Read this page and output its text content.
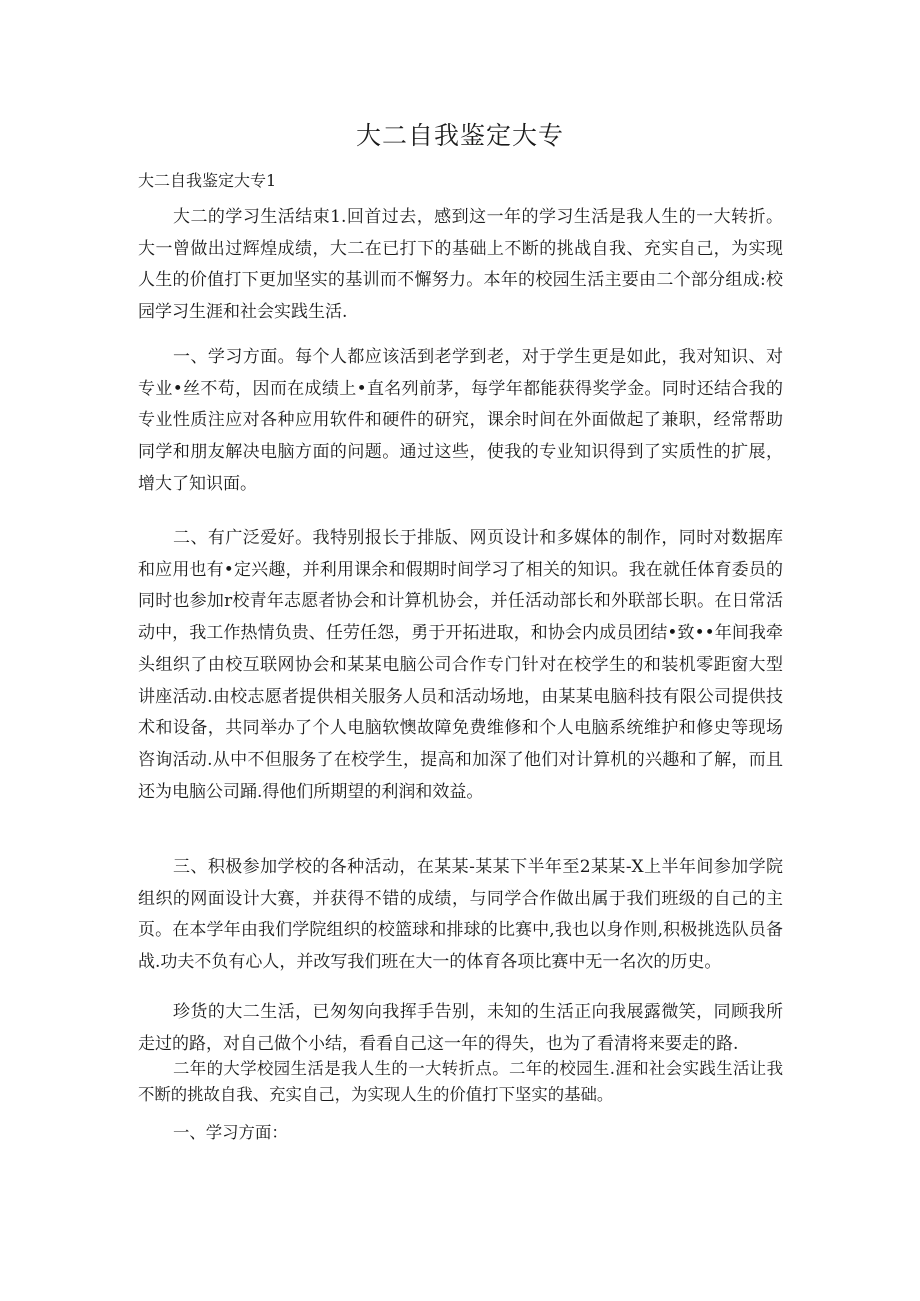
大二自我鉴定大专

大二自我鉴定大专1

大二的学习生活结束1.回首过去，感到这一年的学习生活是我人生的一大转折。大一曾做出过辉煌成绩，大二在已打下的基础上不断的挑战自我、充实自己，为实现人生的价值打下更加坚实的基训而不懈努力。本年的校园生活主要由二个部分组成:校园学习生涯和社会实践生活.

一、学习方面。每个人都应该活到老学到老，对于学生更是如此，我对知识、对专业•丝不苟，因而在成绩上•直名列前茅，每学年都能获得奖学金。同时还结合我的专业性质注应对各种应用软件和硬件的研究，课余时间在外面做起了兼职，经常帮助同学和朋友解决电脑方面的问题。通过这些，使我的专业知识得到了实质性的扩展，增大了知识面。

二、有广泛爱好。我特别报长于排版、网页设计和多媒体的制作，同时对数据库和应用也有•定兴趣，并利用课余和假期时间学习了相关的知识。我在就任体育委员的同时也参加r校青年志愿者协会和计算机协会，并任活动部长和外联部长职。在日常活动中，我工作热情负贵、任劳任怨，勇于开拓进取，和协会内成员团结•致••年间我牵头组织了由校互联网协会和某某电脑公司合作专门针对在校学生的和装机零距窗大型讲座活动.由校志愿者提供相关服务人员和活动场地，由某某电脑科技有限公司提供技术和设备，共同举办了个人电脑软懊故障免费维修和个人电脑系统维护和修史等现场咨询活动.从中不但服务了在校学生，提高和加深了他们对计算机的兴趣和了解，而且还为电脑公司踊.得他们所期望的利润和效益。

三、积极参加学校的各种活动，在某某-某某下半年至2某某-X上半年间参加学院组织的网面设计大赛，并获得不错的成绩，与同学合作做出属于我们班级的自己的主页。在本学年由我们学院组织的校篮球和排球的比赛中,我也以身作则,积极挑选队员备战.功夫不负有心人，并改写我们班在大一的体育各项比赛中无一名次的历史。

珍货的大二生活，已匆匆向我挥手告别，未知的生活正向我展露微笑，同顾我所走过的路，对自己做个小结，看看自己这一年的得失，也为了看清将来要走的路.

二年的大学校园生活是我人生的一大转折点。二年的校园生.涯和社会实践生活让我不断的挑故自我、充实自己，为实现人生的价值打下坚实的基础。

一、学习方面：
